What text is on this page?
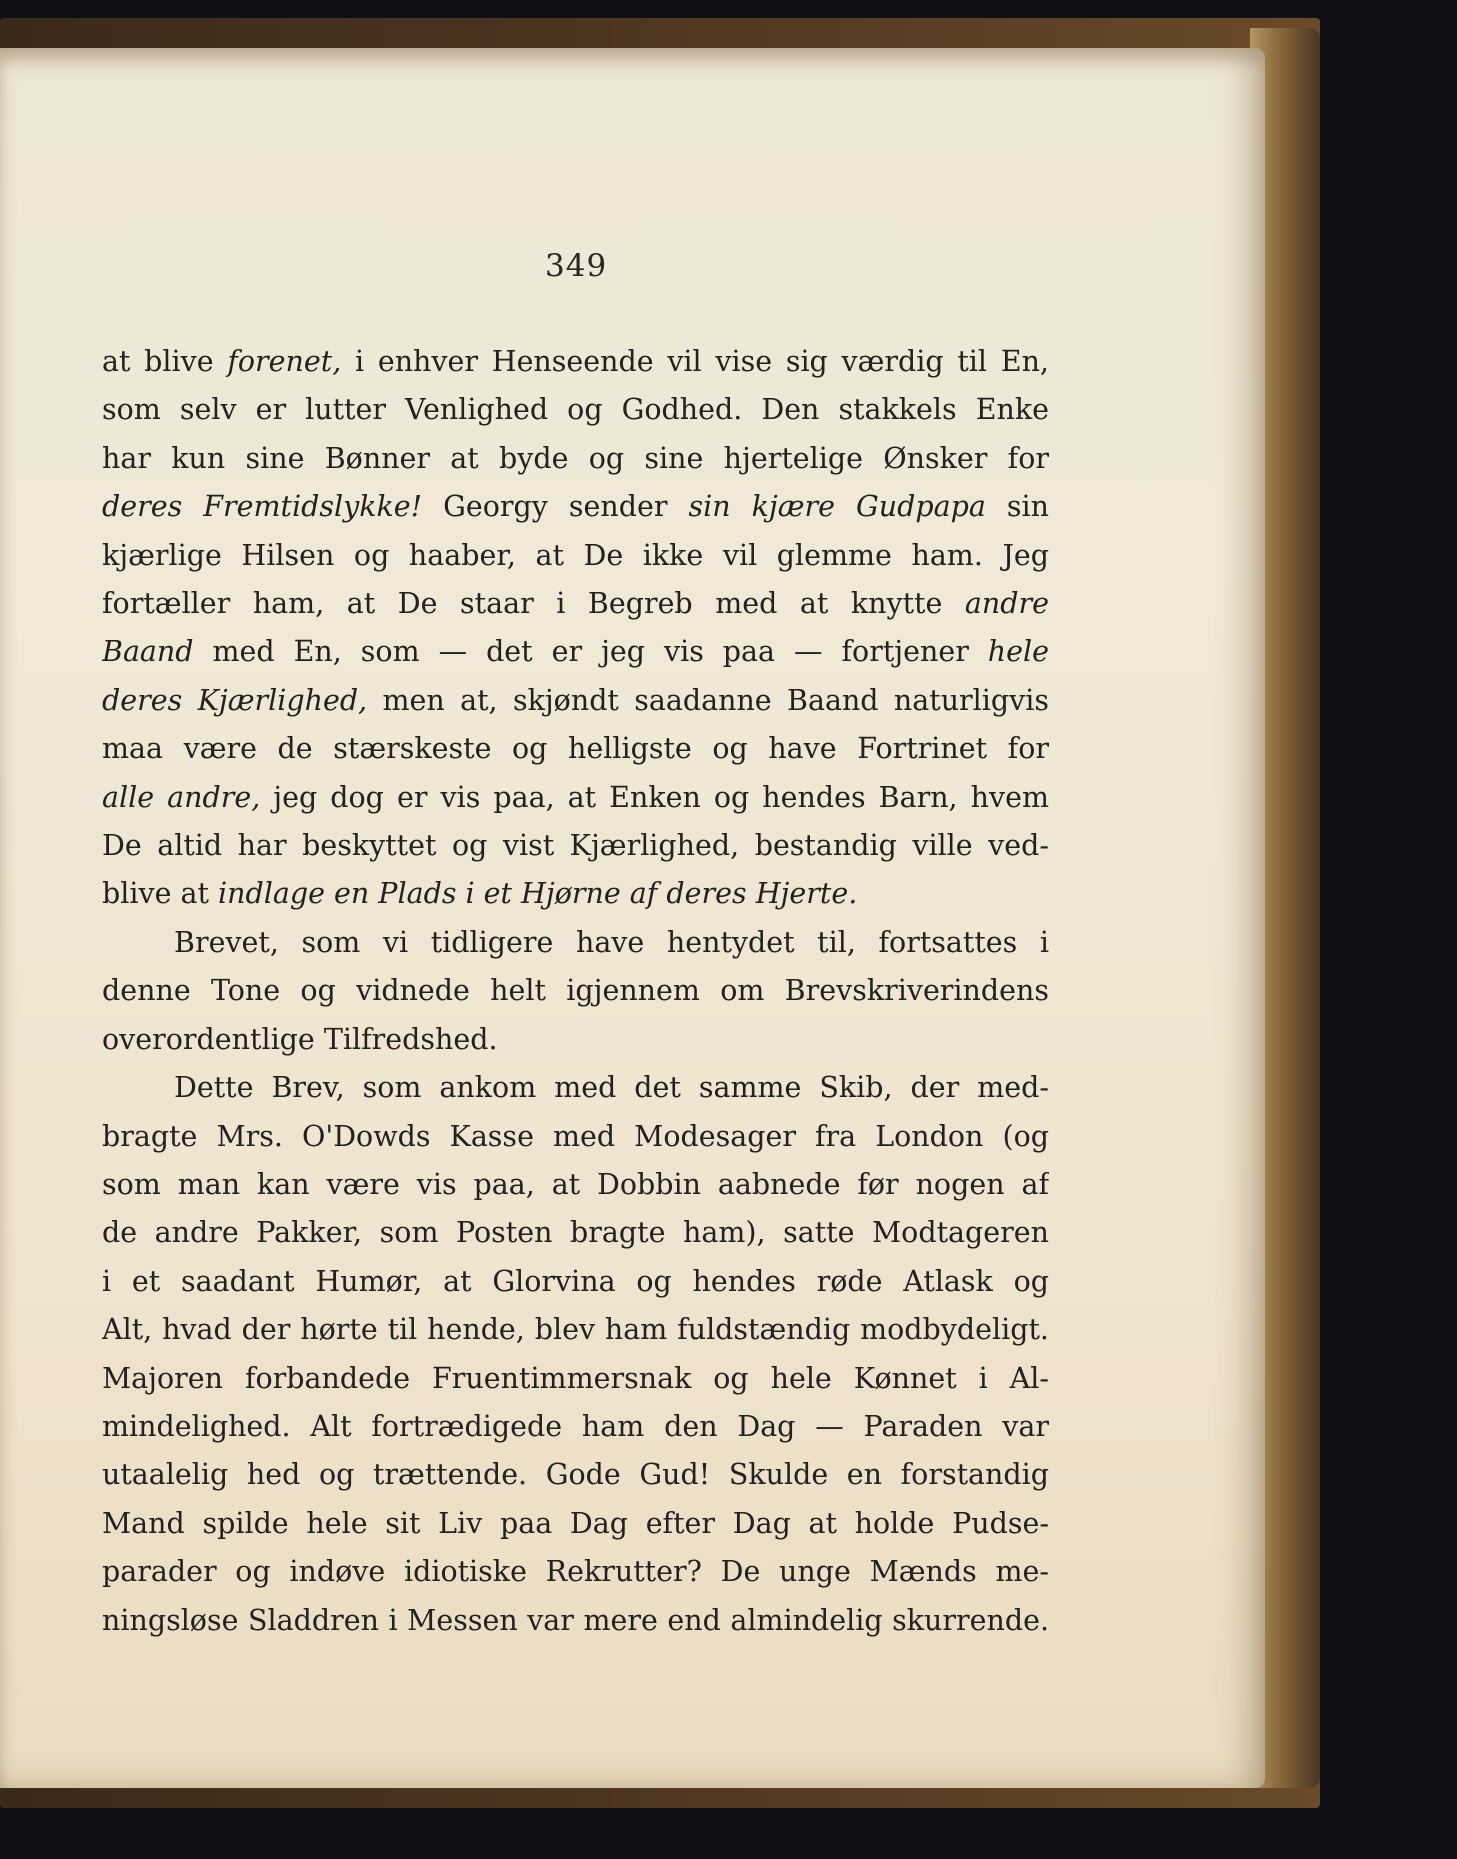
349
at blive forenet, i enhver Henseende vil vise sig værdig til En,
som selv er lutter Venlighed og Godhed. Den stakkels Enke
har kun sine Bønner at byde og sine hjertelige Ønsker for
deres Fremtidslykke! Georgy sender sin kjære Gudpapa sin
kjærlige Hilsen og haaber, at De ikke vil glemme ham. Jeg
fortæller ham, at De staar i Begreb med at knytte andre
Baand med En, som — det er jeg vis paa — fortjener hele
deres Kjærlighed, men at, skjøndt saadanne Baand naturligvis
maa være de stærskeste og helligste og have Fortrinet for
alle andre, jeg dog er vis paa, at Enken og hendes Barn, hvem
De altid har beskyttet og vist Kjærlighed, bestandig ville ved-
blive at indlage en Plads i et Hjørne af deres Hjerte.
Brevet, som vi tidligere have hentydet til, fortsattes i
denne Tone og vidnede helt igjennem om Brevskriverindens
overordentlige Tilfredshed.
Dette Brev, som ankom med det samme Skib, der med-
bragte Mrs. O'Dowds Kasse med Modesager fra London (og
som man kan være vis paa, at Dobbin aabnede før nogen af
de andre Pakker, som Posten bragte ham), satte Modtageren
i et saadant Humør, at Glorvina og hendes røde Atlask og
Alt, hvad der hørte til hende, blev ham fuldstændig modbydeligt.
Majoren forbandede Fruentimmersnak og hele Kønnet i Al-
mindelighed. Alt fortrædigede ham den Dag — Paraden var
utaalelig hed og trættende. Gode Gud! Skulde en forstandig
Mand spilde hele sit Liv paa Dag efter Dag at holde Pudse-
parader og indøve idiotiske Rekrutter? De unge Mænds me-
ningsløse Sladdren i Messen var mere end almindelig skurrende.
